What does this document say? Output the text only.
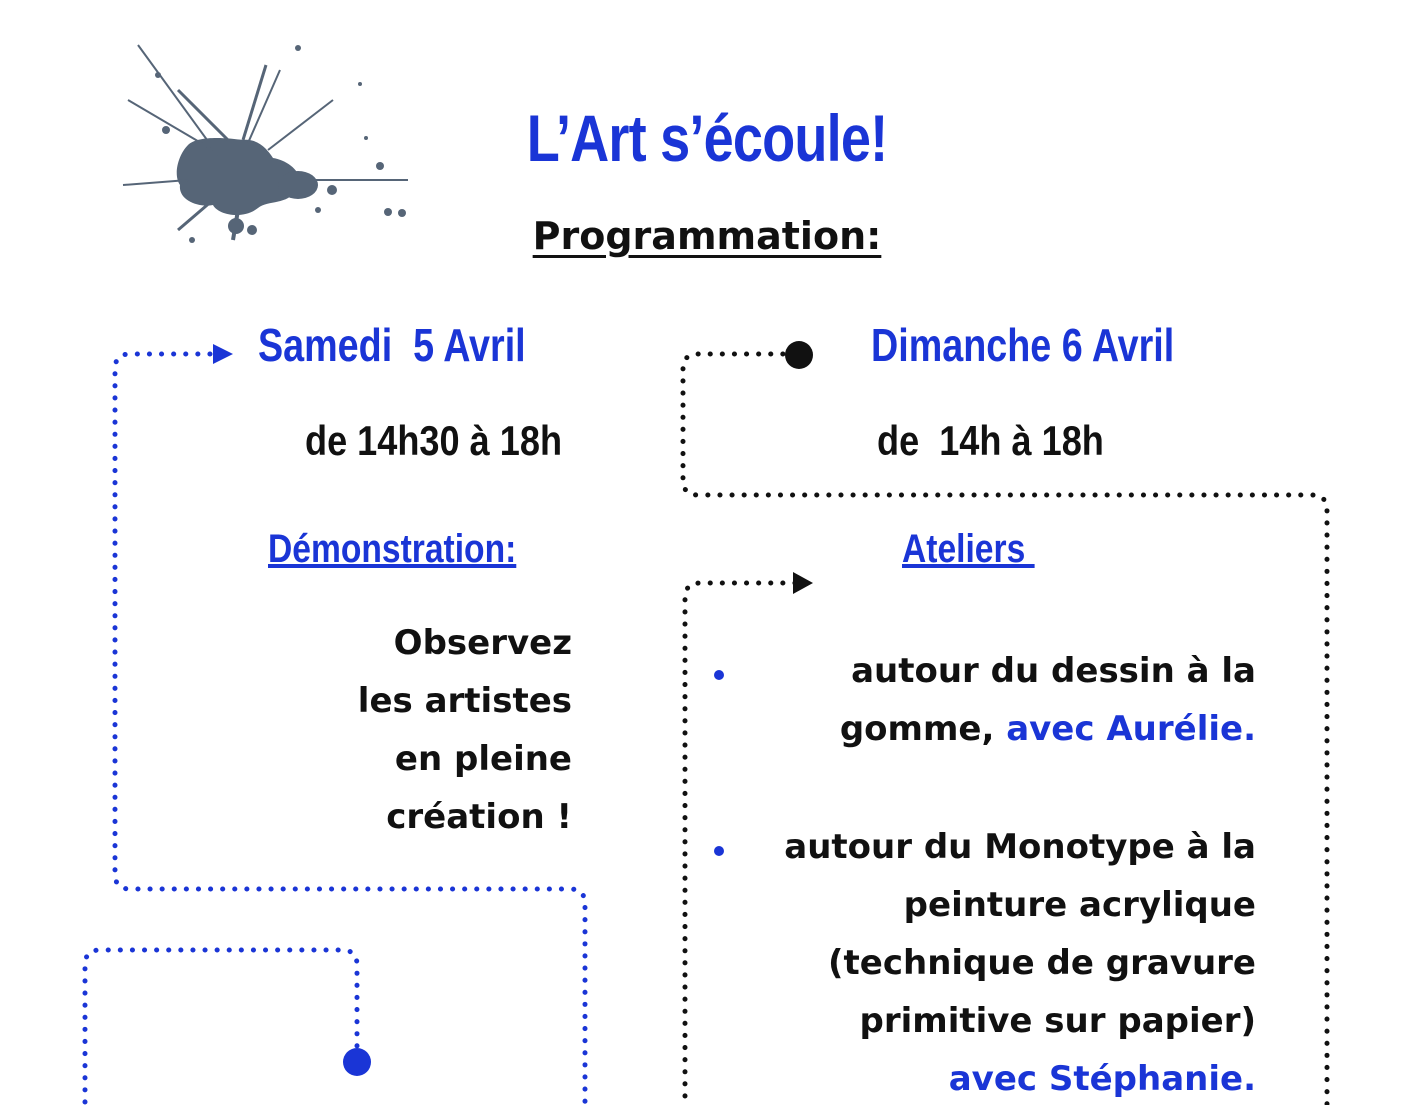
L’Art s’écoule!
Programmation:
Samedi  5 Avril
de 14h30 à 18h
Démonstration:
Observez
les artistes
en pleine
création !
Dimanche 6 Avril
de  14h à 18h
Ateliers
autour du dessin à la
gomme, avec Aurélie.
autour du Monotype à la
peinture acrylique
(technique de gravure
primitive sur papier)
avec Stéphanie.
